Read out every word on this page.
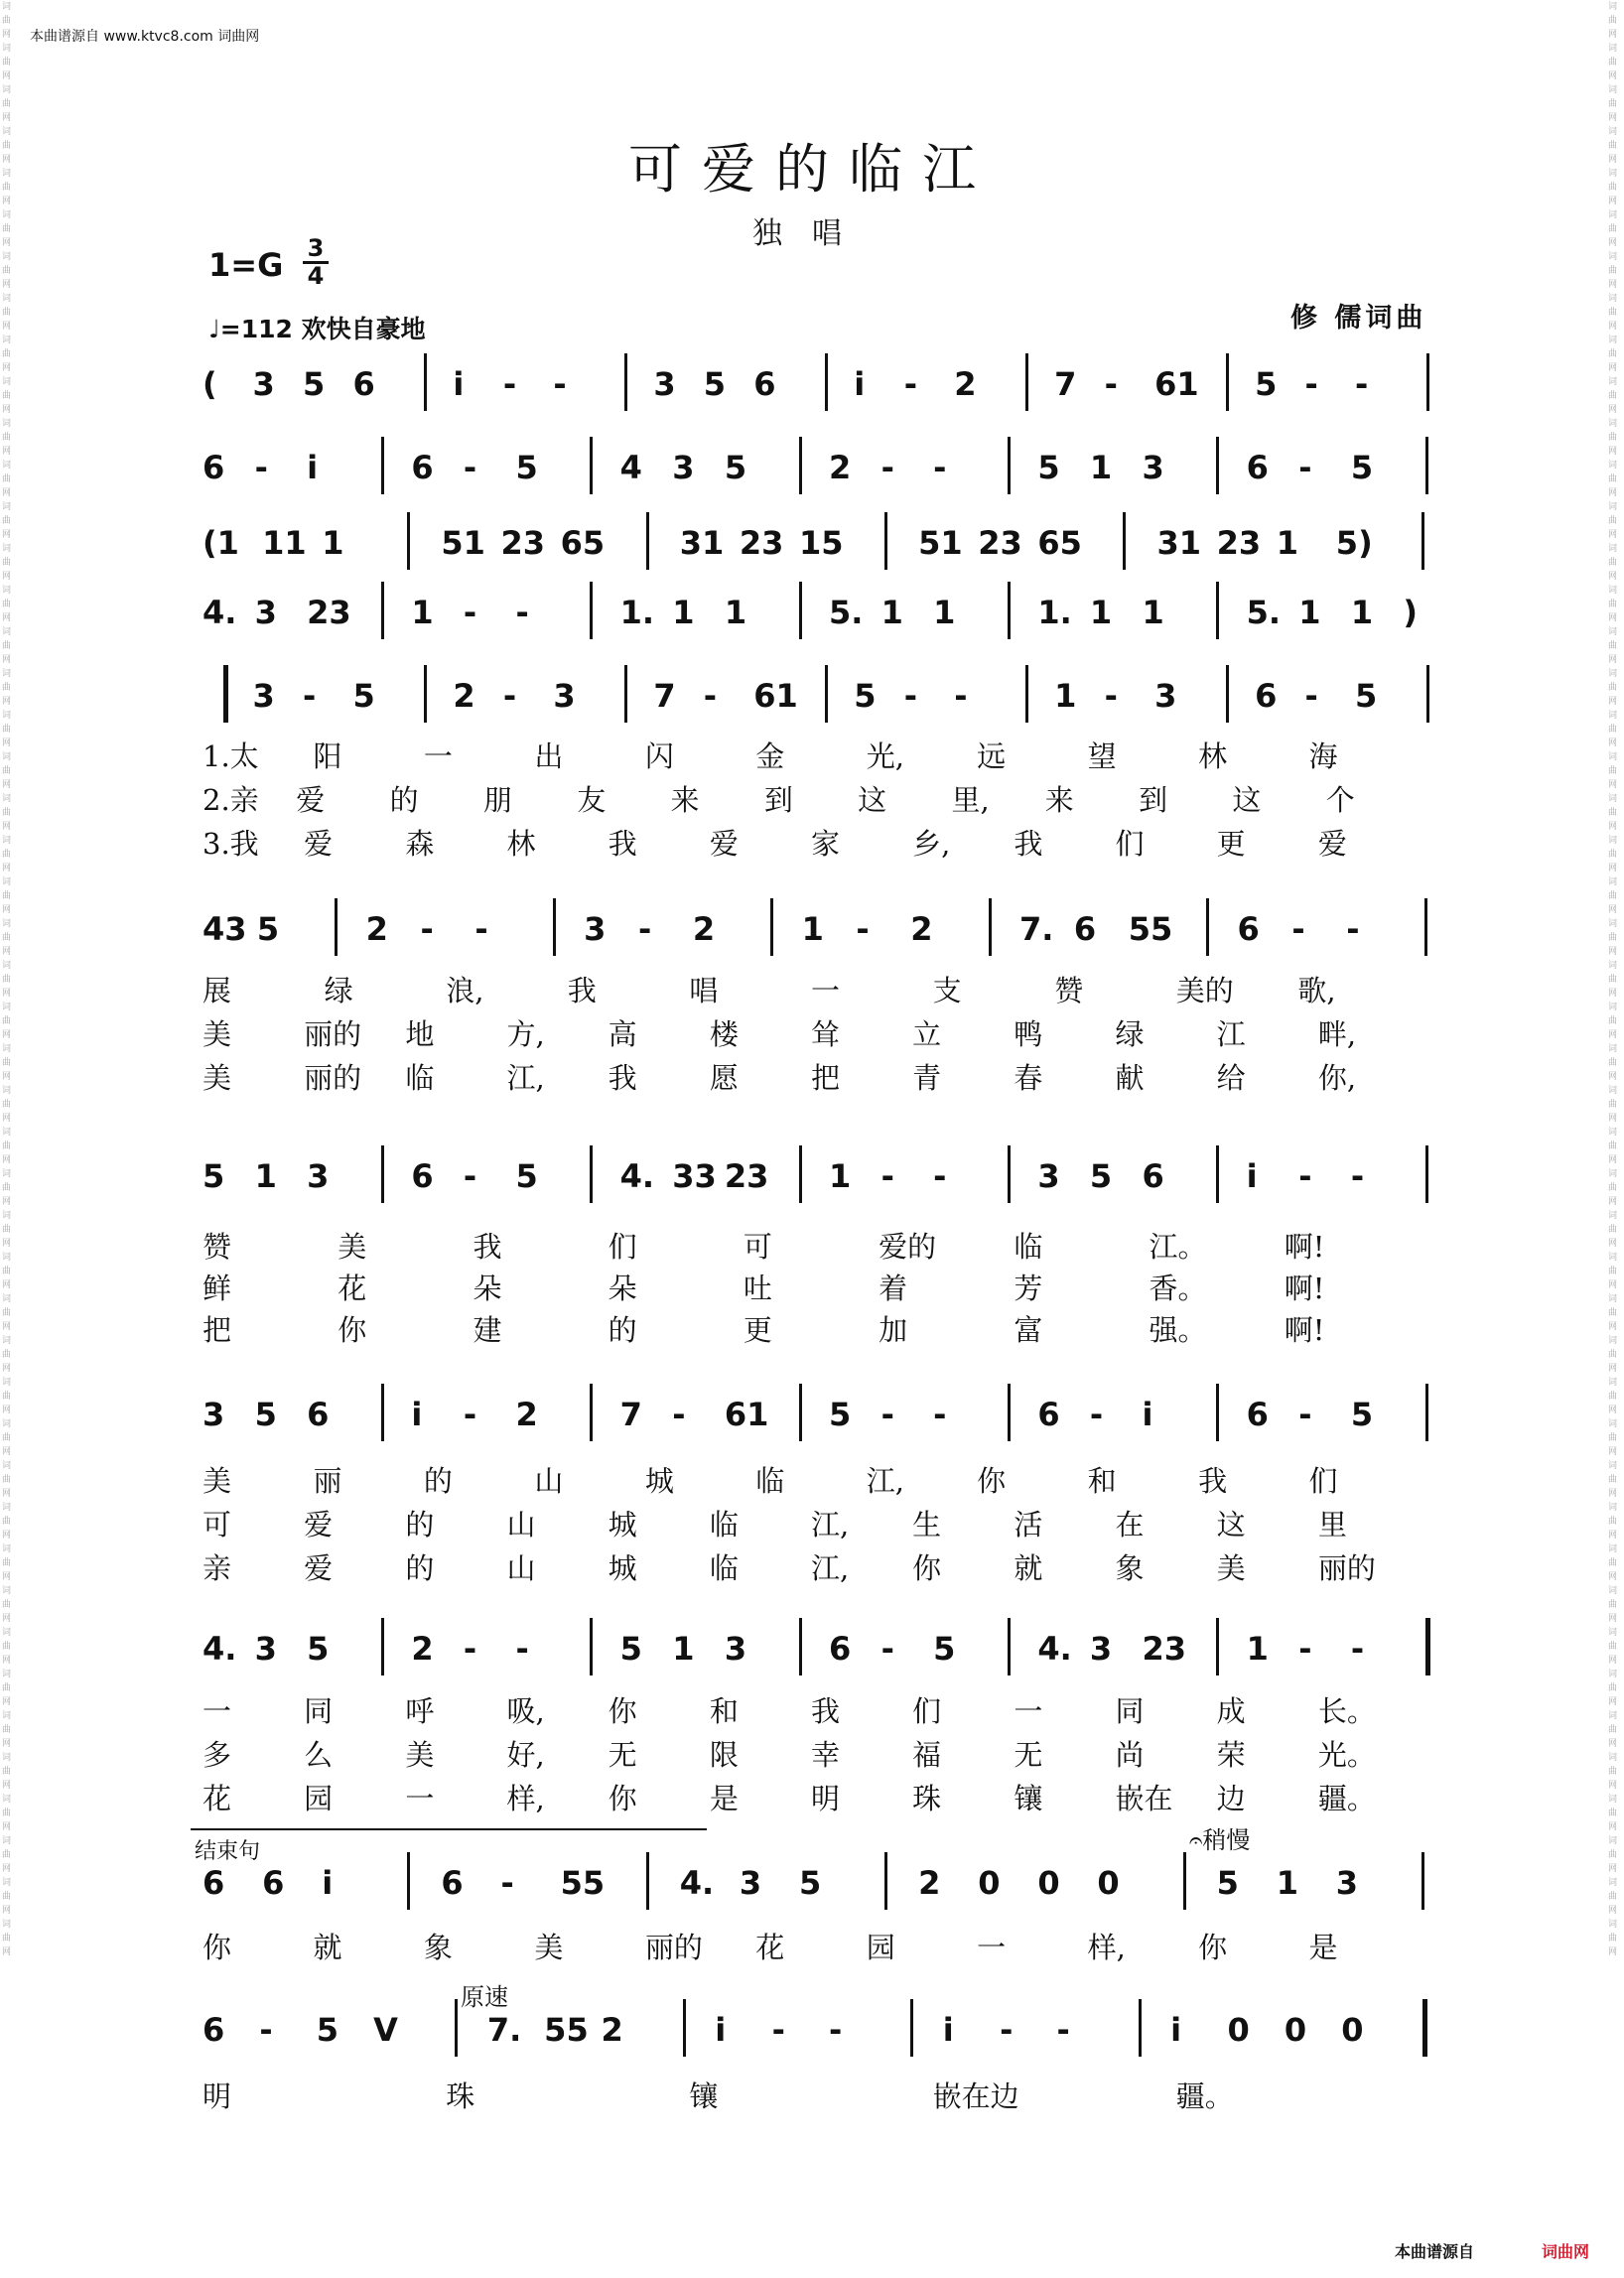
本曲谱源自 www.ktvc8.com 词曲网
词曲网词曲网词曲网词曲网词曲网词曲网词曲网词曲网词曲网词曲网词曲网词曲网词曲网词曲网词曲网词曲网词曲网词曲网词曲网词曲网词曲网词曲网词曲网词曲网词曲网词曲网词曲网词曲网词曲网词曲网词曲网词曲网词曲网词曲网词曲网词曲网词曲网词曲网词曲网词曲网词曲网词曲网词曲网词曲网词曲网词曲网词曲网
词曲网词曲网词曲网词曲网词曲网词曲网词曲网词曲网词曲网词曲网词曲网词曲网词曲网词曲网词曲网词曲网词曲网词曲网词曲网词曲网词曲网词曲网词曲网词曲网词曲网词曲网词曲网词曲网词曲网词曲网词曲网词曲网词曲网词曲网词曲网词曲网词曲网词曲网词曲网词曲网词曲网词曲网词曲网词曲网词曲网词曲网词曲网
可爱的临江
独唱
$1=G \frac{3}{4}$
♩=112 欢快自豪地	修 儒词曲
( 3 5 6 i - -	3 5 6 i - 2 7 - 61 5 - -
6 - i	6 - 5	4 3 5	2 - -	5 1 3	6 - 5
(1 11 1	51 23 65 31 23 15 51 23 65 31 23 1 5)
4. 3 23 1 - -	1. 1 1	5. 1 1	1. 1 1	5. 1 1 )
3 - 5 2 - 3 7 - 61 5 - -	1 - 3 6 - 5
43 5	2 - -	3 - 2	1 - 2	7. 6 55 6 - -
5 1 3	6 - 5	4. 33 23 1 - -	3 5 6	i - -
3 5 6	i - 2	7 - 61 5 - -	6 - i	6 - 5
4. 3 5	2 - -	5 1 3	6 - 5	4. 3 23 1 - -
6 6 i	6 - 55 4. 3 5	2 0 0 0	5 1 3
6 - 5 V	7. 55 2	i - -	i - -	i 0 0 0
1.太 阳	一	出	闪	金	光,	远	望	林	海
2.亲 爱 的 朋 友 来 到 这 里, 来 到 这 个
3.我 爱	森	林	我	爱	家	乡, 我	们	更	爱
展	绿	浪,	我	唱	一	支	赞	美的 歌,
美	丽的 地	方, 高	楼	耸	立	鸭	绿	江	畔,
美	丽的 临	江, 我	愿	把	青	春	献	给	你,
赞	美	我	们	可	爱的	临	江。	啊!
鲜	花	朵	朵	吐	着	芳	香。	啊!
把	你	建	的	更	加	富	强。	啊!
美	丽	的	山	城	临	江,	你	和	我	们
可	爱	的	山	城	临	江, 生	活	在	这	里
亲	爱	的	山	城	临	江, 你	就	象	美	丽的
一	同	呼	吸, 你	和	我	们	一	同	成	长。
多	么	美	好, 无	限	幸	福	无	尚	荣	光。
花	园	一	样, 你	是	明	珠	镶	嵌在 边	疆。
你	就	象	美	丽的 花	园	一	样,	你	是
明	珠	镶	嵌在边	疆。
结束句	𝄐稍慢
原速
本曲谱源自	词曲网
